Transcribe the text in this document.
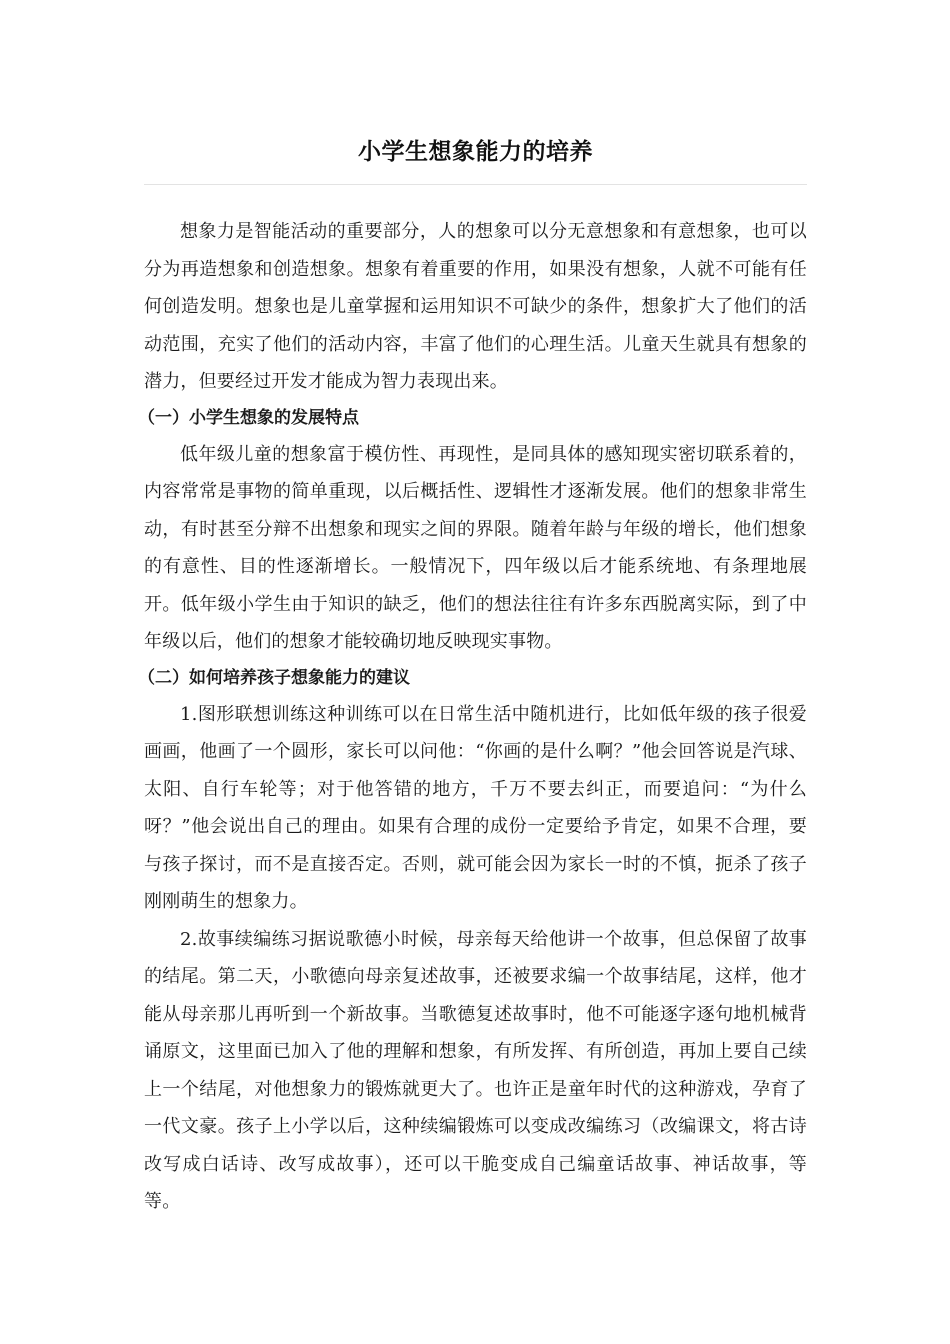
小学生想象能力的培养

想象力是智能活动的重要部分，人的想象可以分无意想象和有意想象，也可以分为再造想象和创造想象。想象有着重要的作用，如果没有想象，人就不可能有任何创造发明。想象也是儿童掌握和运用知识不可缺少的条件，想象扩大了他们的活动范围，充实了他们的活动内容，丰富了他们的心理生活。儿童天生就具有想象的潜力，但要经过开发才能成为智力表现出来。

（一）小学生想象的发展特点

低年级儿童的想象富于模仿性、再现性，是同具体的感知现实密切联系着的，内容常常是事物的简单重现，以后概括性、逻辑性才逐渐发展。他们的想象非常生动，有时甚至分辩不出想象和现实之间的界限。随着年龄与年级的增长，他们想象的有意性、目的性逐渐增长。一般情况下，四年级以后才能系统地、有条理地展开。低年级小学生由于知识的缺乏，他们的想法往往有许多东西脱离实际，到了中年级以后，他们的想象才能较确切地反映现实事物。

（二）如何培养孩子想象能力的建议

1.图形联想训练这种训练可以在日常生活中随机进行，比如低年级的孩子很爱画画，他画了一个圆形，家长可以问他：“你画的是什么啊？”他会回答说是汽球、太阳、自行车轮等；对于他答错的地方，千万不要去纠正，而要追问：“为什么呀？”他会说出自己的理由。如果有合理的成份一定要给予肯定，如果不合理，要与孩子探讨，而不是直接否定。否则，就可能会因为家长一时的不慎，扼杀了孩子刚刚萌生的想象力。

2.故事续编练习据说歌德小时候，母亲每天给他讲一个故事，但总保留了故事的结尾。第二天，小歌德向母亲复述故事，还被要求编一个故事结尾，这样，他才能从母亲那儿再听到一个新故事。当歌德复述故事时，他不可能逐字逐句地机械背诵原文，这里面已加入了他的理解和想象，有所发挥、有所创造，再加上要自己续上一个结尾，对他想象力的锻炼就更大了。也许正是童年时代的这种游戏，孕育了一代文豪。孩子上小学以后，这种续编锻炼可以变成改编练习（改编课文，将古诗改写成白话诗、改写成故事），还可以干脆变成自己编童话故事、神话故事，等等。
